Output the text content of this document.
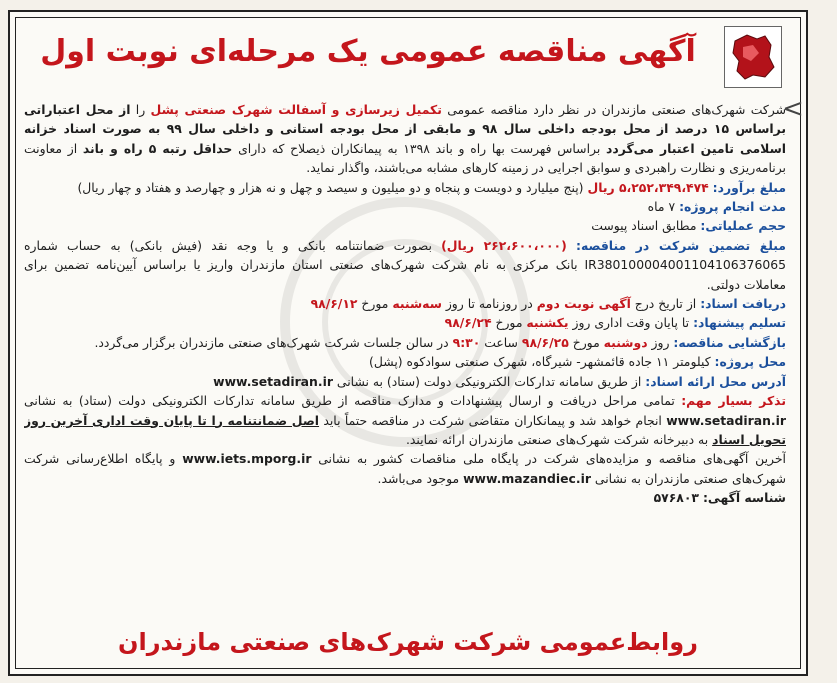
<
آگهی مناقصه عمومی یک مرحله‌ای نوبت اول

شرکت شهرک‌های صنعتی مازندران در نظر دارد مناقصه عمومی تکمیل زیرسازی و آسفالت شهرک صنعتی پشل را از محل اعتباراتی براساس ۱۵ درصد از محل بودجه داخلی سال ۹۸ و مابقی از محل بودجه استانی و داخلی سال ۹۹ به صورت اسناد خزانه اسلامی تامین اعتبار می‌گردد براساس فهرست بها راه و باند ۱۳۹۸ به پیمانکاران ذیصلاح که دارای حداقل رتبه ۵ راه و باند از معاونت برنامه‌ریزی و نظارت راهبردی و سوابق اجرایی در زمینه کارهای مشابه می‌باشند، واگذار نماید.

مبلغ برآورد: ۵،۲۵۲،۳۴۹،۴۷۴ ریال (پنج میلیارد و دویست و پنجاه و دو میلیون و سیصد و چهل و نه هزار و چهارصد و هفتاد و چهار ریال)

مدت انجام پروژه: ۷ ماه

حجم عملیاتی: مطابق اسناد پیوست

مبلغ تضمین شرکت در مناقصه: (۲۶۲،۶۰۰،۰۰۰ ریال) بصورت ضمانتنامه بانکی و یا وجه نقد (فیش بانکی) به حساب شماره IR380100004001104106376065 بانک مرکزی به نام شرکت شهرک‌های صنعتی استان مازندران واریز یا براساس آیین‌نامه تضمین برای معاملات دولتی.

دریافت اسناد: از تاریخ درج آگهی نوبت دوم در روزنامه تا روز سه‌شنبه مورخ ۹۸/۶/۱۲

تسلیم پیشنهاد: تا پایان وقت اداری روز یکشنبه مورخ ۹۸/۶/۲۴

بازگشایی مناقصه: روز دوشنبه مورخ ۹۸/۶/۲۵ ساعت ۹:۳۰ در سالن جلسات شرکت شهرک‌های صنعتی مازندران برگزار می‌گردد.

محل پروژه: کیلومتر ۱۱ جاده قائمشهر- شیرگاه، شهرک صنعتی سوادکوه (پشل)

آدرس محل ارائه اسناد: از طریق سامانه تدارکات الکترونیکی دولت (ستاد) به نشانی www.setadiran.ir

تذکر بسیار مهم: تمامی مراحل دریافت و ارسال پیشنهادات و مدارک مناقصه از طریق سامانه تدارکات الکترونیکی دولت (ستاد) به نشانی www.setadiran.ir انجام خواهد شد و پیمانکاران متقاضی شرکت در مناقصه حتماً باید اصل ضمانتنامه را تا پایان وقت اداری آخرین روز تحویل اسناد به دبیرخانه شرکت شهرک‌های صنعتی مازندران ارائه نمایند.

آخرین آگهی‌های مناقصه و مزایده‌های شرکت در پایگاه ملی مناقصات کشور به نشانی www.iets.mporg.ir و پایگاه اطلاع‌رسانی شرکت شهرک‌های صنعتی مازندران به نشانی www.mazandiec.ir موجود می‌باشد.

شناسه آگهی: ۵۷۶۸۰۳

روابط‌عمومی شرکت شهرک‌های صنعتی مازندران
